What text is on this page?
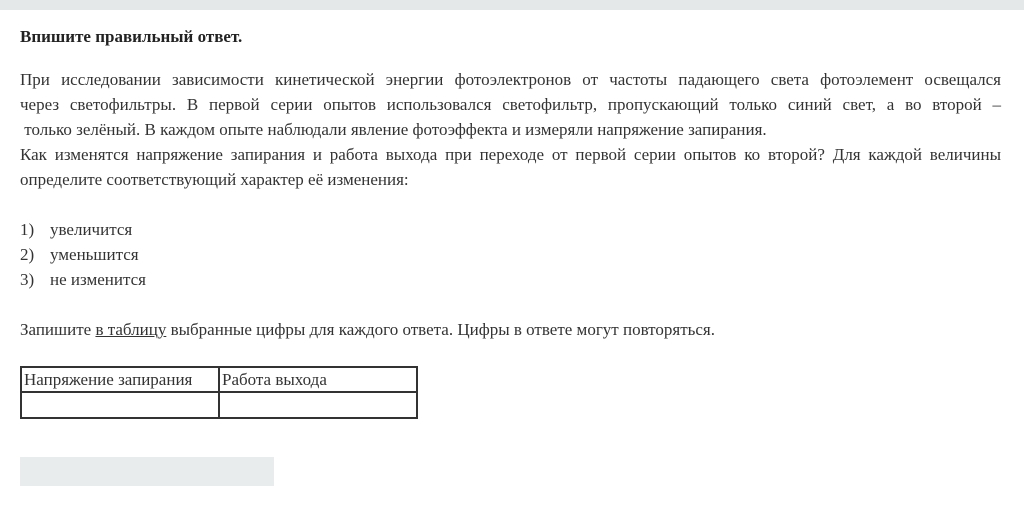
Впишите правильный ответ.
При исследовании зависимости кинетической энергии фотоэлектронов от частоты падающего света фотоэлемент освещался
через светофильтры. В первой серии опытов использовался светофильтр, пропускающий только синий свет, а во второй –
только зелёный. В каждом опыте наблюдали явление фотоэффекта и измеряли напряжение запирания.
Как изменятся напряжение запирания и работа выхода при переходе от первой серии опытов ко второй? Для каждой величины
определите соответствующий характер её изменения:
1) увеличится
2) уменьшится
3) не изменится

Запишите в таблицу выбранные цифры для каждого ответа. Цифры в ответе могут повторяться.

Напряжение запирания	Работа выхода
